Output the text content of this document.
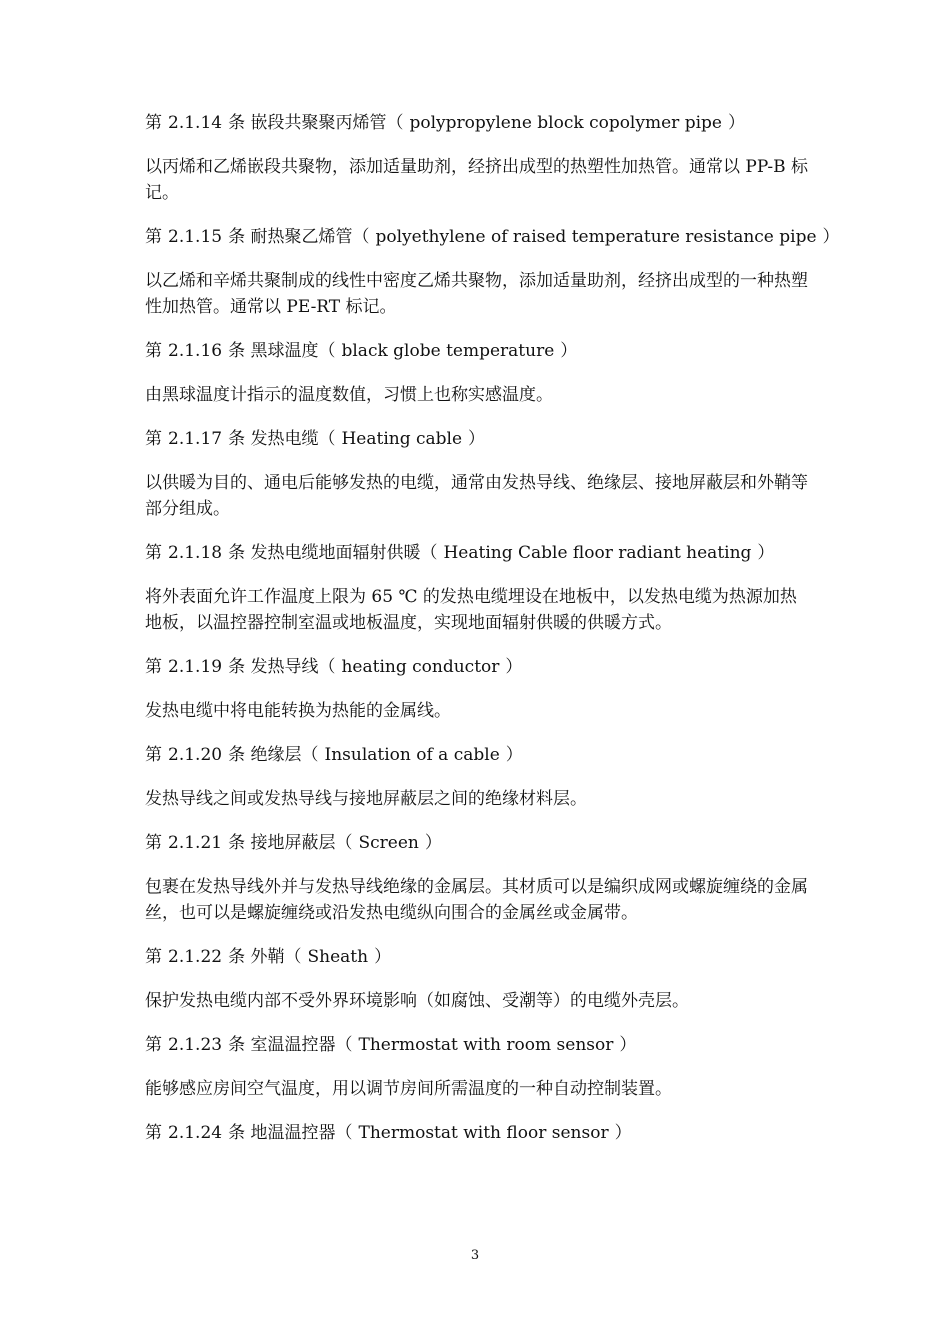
第 2.1.14 条 嵌段共聚聚丙烯管（ polypropylene block copolymer pipe ）

以丙烯和乙烯嵌段共聚物，添加适量助剂，经挤出成型的热塑性加热管。通常以 PP-B 标记。

第 2.1.15 条 耐热聚乙烯管（ polyethylene of raised temperature resistance pipe ）

以乙烯和辛烯共聚制成的线性中密度乙烯共聚物，添加适量助剂，经挤出成型的一种热塑性加热管。通常以 PE-RT 标记。

第 2.1.16 条 黑球温度（ black globe temperature ）

由黑球温度计指示的温度数值，习惯上也称实感温度。

第 2.1.17 条 发热电缆（ Heating cable ）

以供暖为目的、通电后能够发热的电缆，通常由发热导线、绝缘层、接地屏蔽层和外鞘等部分组成。

第 2.1.18 条 发热电缆地面辐射供暖（ Heating Cable floor radiant heating ）

将外表面允许工作温度上限为 65 ℃ 的发热电缆埋设在地板中，以发热电缆为热源加热地板，以温控器控制室温或地板温度，实现地面辐射供暖的供暖方式。

第 2.1.19 条 发热导线（ heating conductor ）

发热电缆中将电能转换为热能的金属线。

第 2.1.20 条 绝缘层（ Insulation of a cable ）

发热导线之间或发热导线与接地屏蔽层之间的绝缘材料层。

第 2.1.21 条 接地屏蔽层（ Screen ）

包裹在发热导线外并与发热导线绝缘的金属层。其材质可以是编织成网或螺旋缠绕的金属丝，也可以是螺旋缠绕或沿发热电缆纵向围合的金属丝或金属带。

第 2.1.22 条 外鞘（ Sheath ）

保护发热电缆内部不受外界环境影响（如腐蚀、受潮等）的电缆外壳层。

第 2.1.23 条 室温温控器（ Thermostat with room sensor ）

能够感应房间空气温度，用以调节房间所需温度的一种自动控制装置。

第 2.1.24 条 地温温控器（ Thermostat with floor sensor ）

3
